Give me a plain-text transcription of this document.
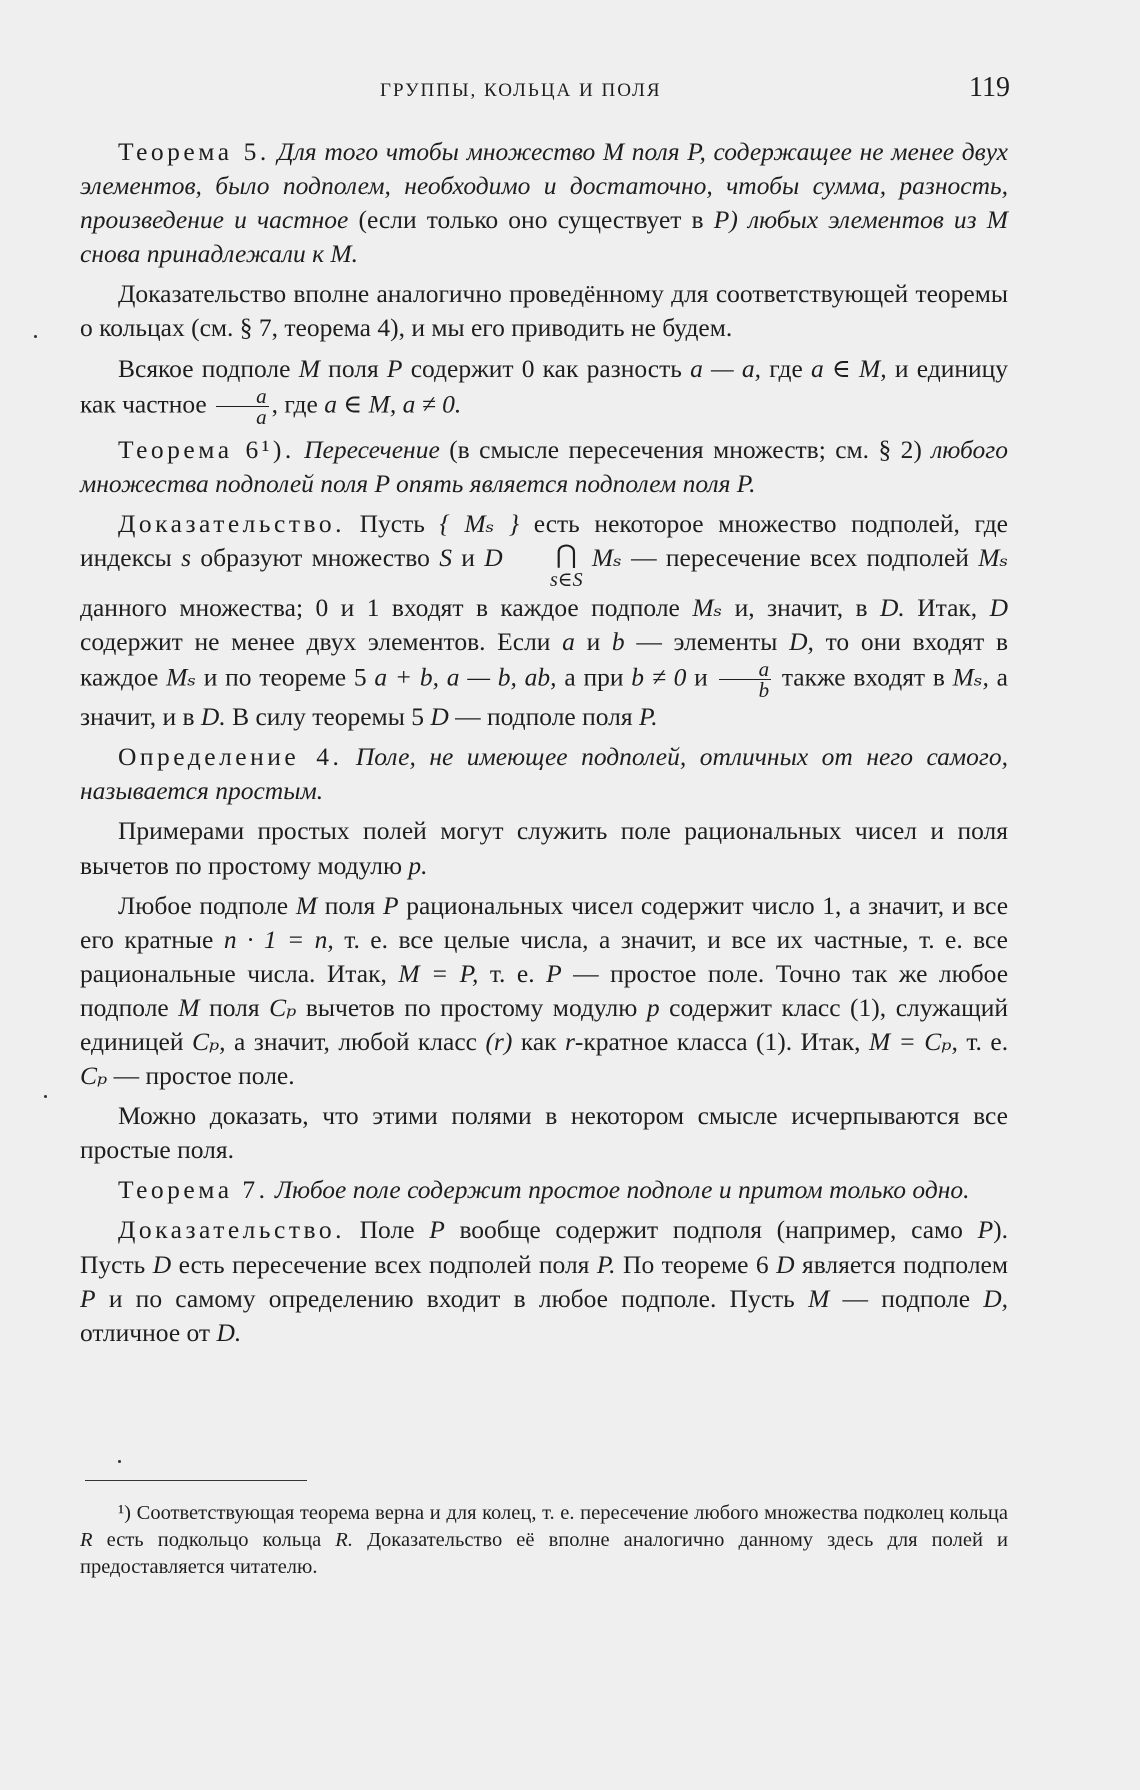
ГРУППЫ, КОЛЬЦА И ПОЛЯ	119

Теорема 5. Для того чтобы множество M поля P, содержащее не менее двух элементов, было подполем, необходимо и достаточно, чтобы сумма, разность, произведение и частное (если только оно существует в P) любых элементов из M снова принадлежали к M.

Доказательство вполне аналогично проведённому для соответствующей теоремы о кольцах (см. § 7, теорема 4), и мы его приводить не будем.

Всякое подполе M поля P содержит 0 как разность a — a, где a ∈ M, и единицу как частное $\frac{a}{a}$ , где a ∈ M, a ≠ 0.

Теорема 6¹). Пересечение (в смысле пересечения множеств; см. § 2) любого множества подполей поля P опять является подполем поля P.

Доказательство. Пусть { Mₛ } есть некоторое множество подполей, где индексы s образуют множество S и D ⋂
s∈S
Mₛ — пересечение всех подполей Mₛ данного множества; 0 и 1 входят в каждое подполе Mₛ и, значит, в D. Итак, D содержит не менее двух элементов. Если a и b — элементы D, то они входят в каждое Mₛ и по теореме 5 a + b, a — b, ab, а при b ≠ 0 и $\frac{a}{b}$ также входят в Mₛ, а значит, и в D. В силу теоремы 5 D — подполе поля P.

Определение 4. Поле, не имеющее подполей, отличных от него самого, называется простым.

Примерами простых полей могут служить поле рациональных чисел и поля вычетов по простому модулю p.

Любое подполе M поля P рациональных чисел содержит число 1, а значит, и все его кратные n · 1 = n, т. е. все целые числа, а значит, и все их частные, т. е. все рациональные числа. Итак, M = P, т. е. P — простое поле. Точно так же любое подполе M поля Cₚ вычетов по простому модулю p содержит класс (1), служащий единицей Cₚ, а значит, любой класс (r) как r-кратное класса (1). Итак, M = Cₚ, т. е. Cₚ — простое поле.

Можно доказать, что этими полями в некотором смысле исчерпываются все простые поля.

Теорема 7. Любое поле содержит простое подполе и притом только одно.

Доказательство. Поле P вообще содержит подполя (например, само P). Пусть D есть пересечение всех подполей поля P. По теореме 6 D является подполем P и по самому определению входит в любое подполе. Пусть M — подполе D, отличное от D.

¹) Соответствующая теорема верна и для колец, т. е. пересечение любого множества подколец кольца R есть подкольцо кольца R. Доказательство её вполне аналогично данному здесь для полей и предоставляется читателю.
